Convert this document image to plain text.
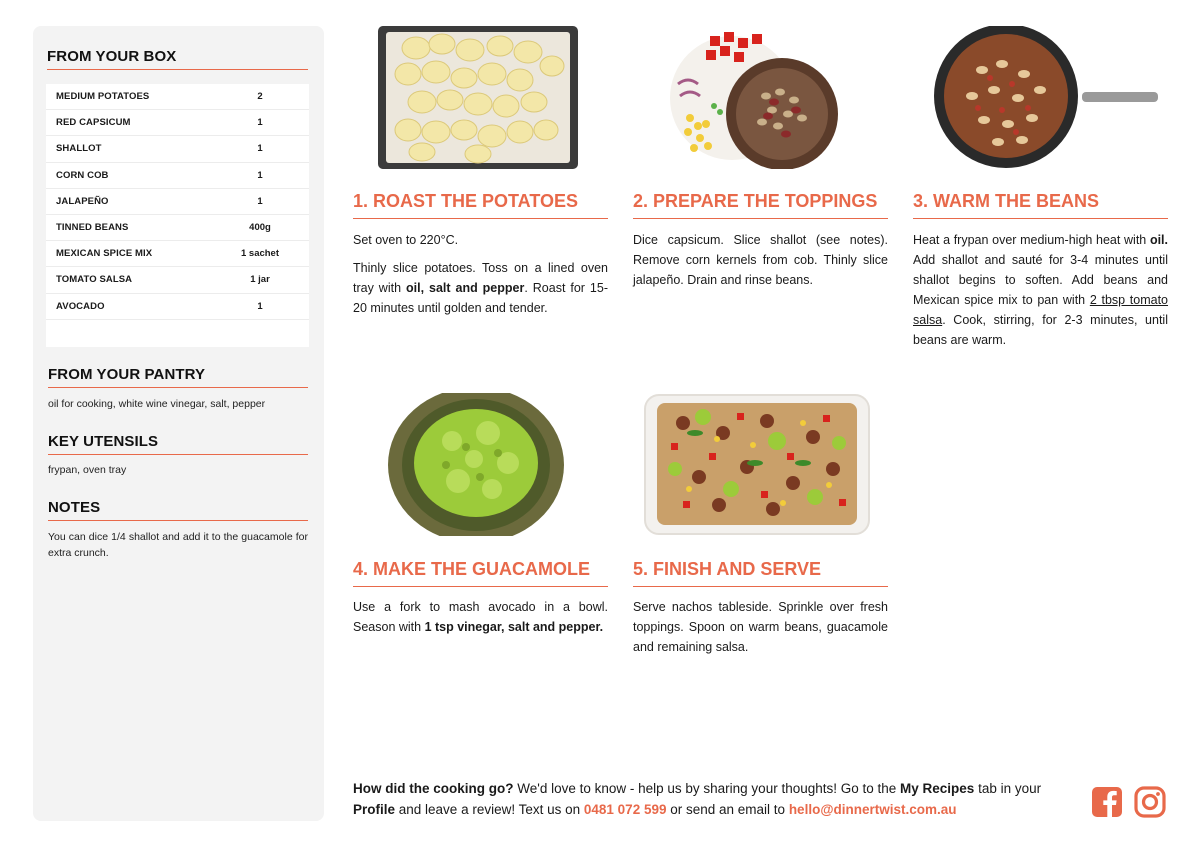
FROM YOUR BOX
MEDIUM POTATOES	2
RED CAPSICUM	1
SHALLOT	1
CORN COB	1
JALAPEÑO	1
TINNED BEANS	400g
MEXICAN SPICE MIX	1 sachet
TOMATO SALSA	1 jar
AVOCADO	1
FROM YOUR PANTRY
oil for cooking, white wine vinegar, salt, pepper
KEY UTENSILS
frypan, oven tray
NOTES
You can dice 1/4 shallot and add it to the guacamole for extra crunch.
1. ROAST THE POTATOES

Set oven to 220°C.

Thinly slice potatoes. Toss on a lined oven tray with oil, salt and pepper. Roast for 15-20 minutes until golden and tender.

2. PREPARE THE TOPPINGS

Dice capsicum. Slice shallot (see notes). Remove corn kernels from cob. Thinly slice jalapeño. Drain and rinse beans.

3. WARM THE BEANS

Heat a frypan over medium-high heat with oil. Add shallot and sauté for 3-4 minutes until shallot begins to soften. Add beans and Mexican spice mix to pan with 2 tbsp tomato salsa. Cook, stirring, for 2-3 minutes, until beans are warm.

4. MAKE THE GUACAMOLE

Use a fork to mash avocado in a bowl. Season with 1 tsp vinegar, salt and pepper.

5. FINISH AND SERVE

Serve nachos tableside. Sprinkle over fresh toppings. Spoon on warm beans, guacamole and remaining salsa.

How did the cooking go? We'd love to know - help us by sharing your thoughts! Go to the My Recipes tab in your Profile and leave a review! Text us on 0481 072 599 or send an email to hello@dinnertwist.com.au
